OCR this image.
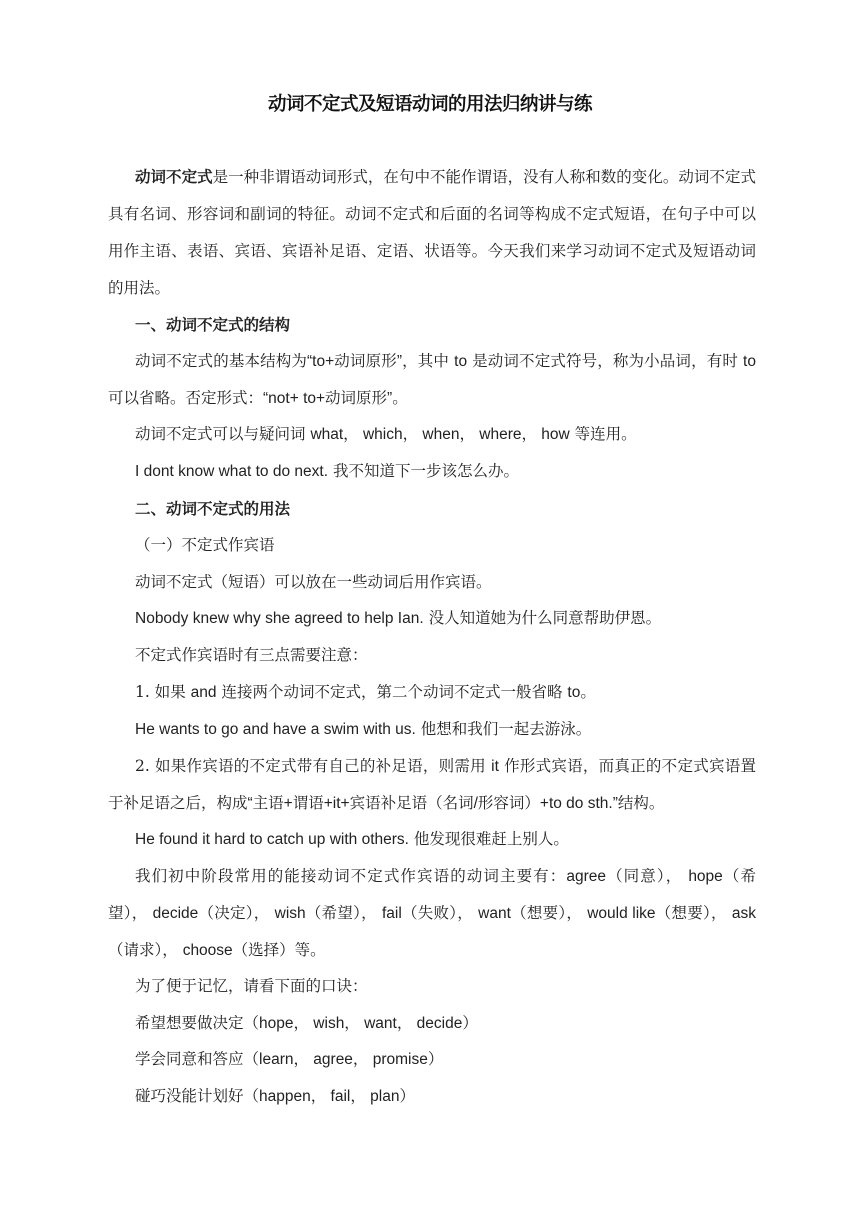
动词不定式及短语动词的用法归纳讲与练

动词不定式是一种非谓语动词形式，在句中不能作谓语，没有人称和数的变化。动词不定式具有名词、形容词和副词的特征。动词不定式和后面的名词等构成不定式短语，在句子中可以用作主语、表语、宾语、宾语补足语、定语、状语等。今天我们来学习动词不定式及短语动词的用法。

一、动词不定式的结构

动词不定式的基本结构为“to+动词原形”，其中 to 是动词不定式符号，称为小品词，有时 to 可以省略。否定形式：“not+ to+动词原形”。

动词不定式可以与疑问词 what， which， when， where， how 等连用。

I dont know what to do next. 我不知道下一步该怎么办。

二、动词不定式的用法

（一）不定式作宾语

动词不定式（短语）可以放在一些动词后用作宾语。

Nobody knew why she agreed to help Ian. 没人知道她为什么同意帮助伊恩。

不定式作宾语时有三点需要注意：

1. 如果 and 连接两个动词不定式，第二个动词不定式一般省略 to。

He wants to go and have a swim with us. 他想和我们一起去游泳。

2. 如果作宾语的不定式带有自己的补足语，则需用 it 作形式宾语，而真正的不定式宾语置于补足语之后，构成“主语+谓语+it+宾语补足语（名词/形容词）+to do sth.”结构。

He found it hard to catch up with others. 他发现很难赶上别人。

我们初中阶段常用的能接动词不定式作宾语的动词主要有：agree（同意）， hope（希望）， decide（决定）， wish（希望）， fail（失败）， want（想要）， would like（想要）， ask（请求）， choose（选择）等。

为了便于记忆，请看下面的口诀：

希望想要做决定（hope， wish， want， decide）

学会同意和答应（learn， agree， promise）

碰巧没能计划好（happen， fail， plan）
